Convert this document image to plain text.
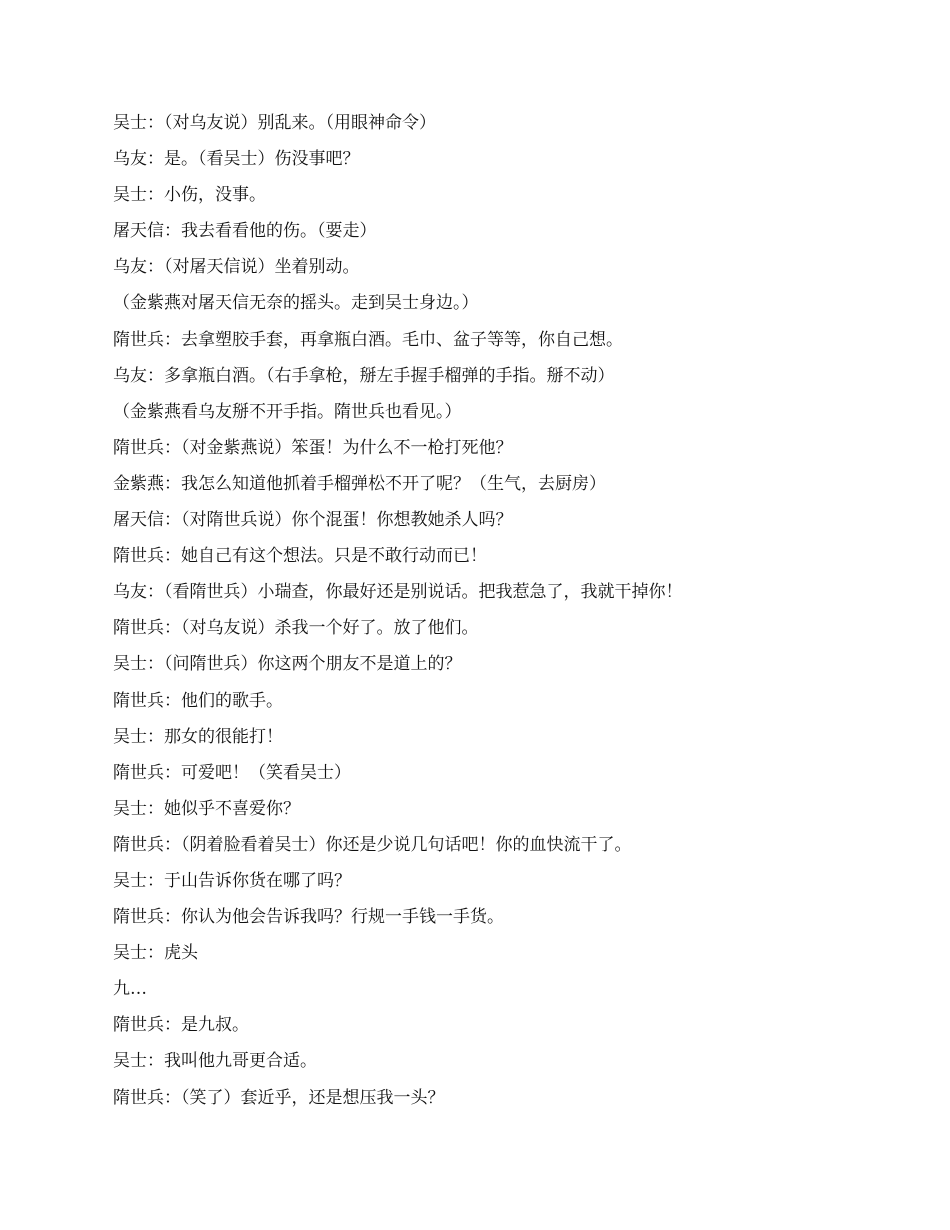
吴士：（对乌友说）别乱来。（用眼神命令）
乌友：是。（看吴士）伤没事吧？
吴士：小伤，没事。
屠天信：我去看看他的伤。（要走）
乌友：（对屠天信说）坐着别动。
（金紫燕对屠天信无奈的摇头。走到吴士身边。）
隋世兵：去拿塑胶手套，再拿瓶白酒。毛巾、盆子等等，你自己想。
乌友：多拿瓶白酒。（右手拿枪，掰左手握手榴弹的手指。掰不动）
（金紫燕看乌友掰不开手指。隋世兵也看见。）
隋世兵：（对金紫燕说）笨蛋！为什么不一枪打死他？
金紫燕：我怎么知道他抓着手榴弹松不开了呢？（生气，去厨房）
屠天信：（对隋世兵说）你个混蛋！你想教她杀人吗？
隋世兵：她自己有这个想法。只是不敢行动而已！
乌友：（看隋世兵）小瑞查，你最好还是别说话。把我惹急了，我就干掉你！
隋世兵：（对乌友说）杀我一个好了。放了他们。
吴士：（问隋世兵）你这两个朋友不是道上的？
隋世兵：他们的歌手。
吴士：那女的很能打！
隋世兵：可爱吧！（笑看吴士）
吴士：她似乎不喜爱你？
隋世兵：（阴着脸看着吴士）你还是少说几句话吧！你的血快流干了。
吴士：于山告诉你货在哪了吗？
隋世兵：你认为他会告诉我吗？行规一手钱一手货。
吴士：虎头
九…
隋世兵：是九叔。
吴士：我叫他九哥更合适。
隋世兵：（笑了）套近乎，还是想压我一头？
